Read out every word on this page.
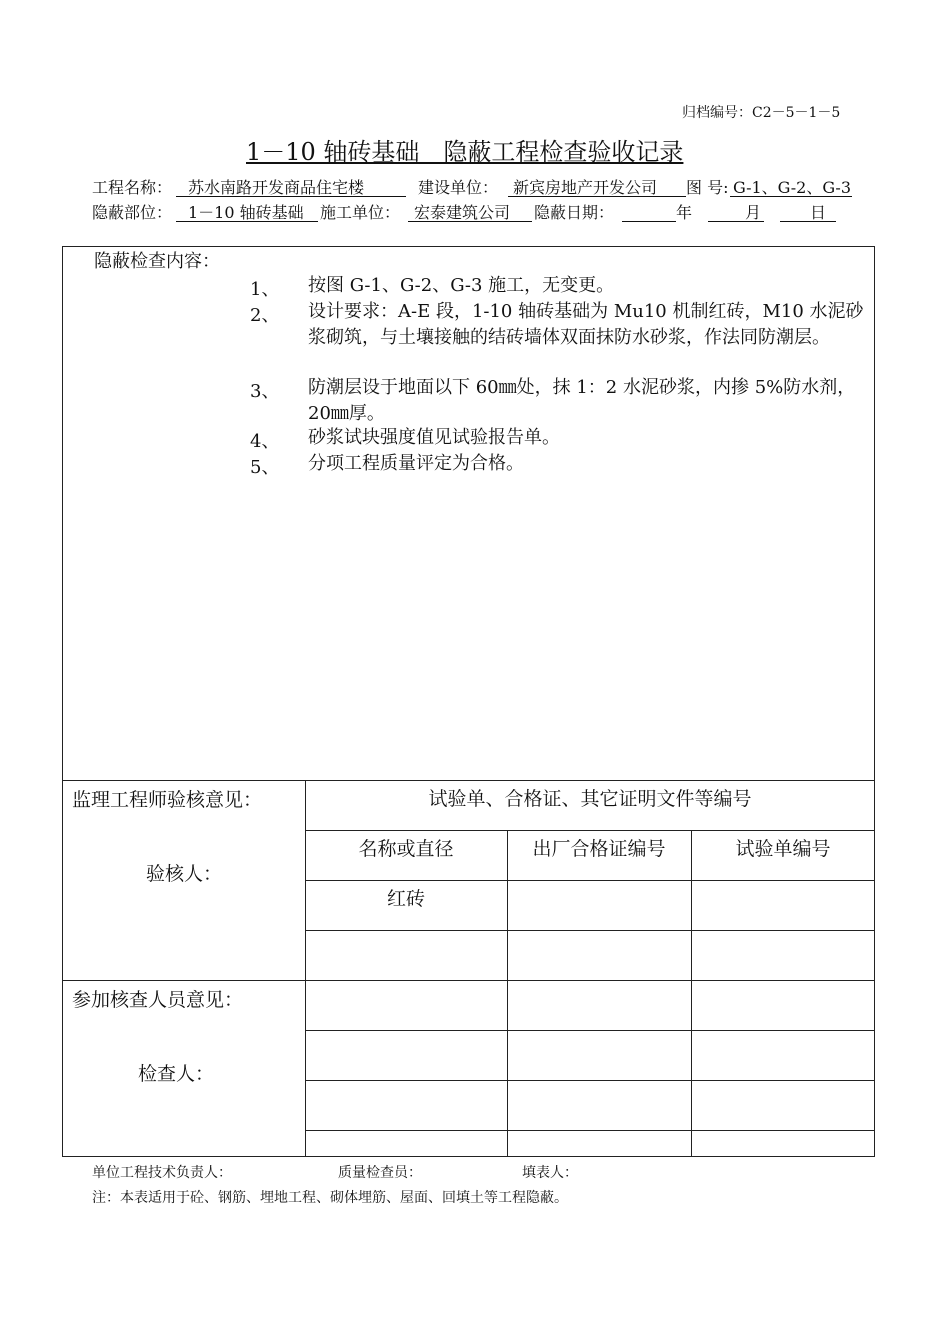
归档编号：C2－5－1－5
1－10 轴砖基础　隐蔽工程检查验收记录
工程名称： 苏水南路开发商品住宅楼	建设单位： 新宾房地产开发公司 图 号: G-1、G-2、G-3
隐蔽部位： 1－10 轴砖基础 施工单位： 宏泰建筑公司 隐蔽日期：	年	月	日
隐蔽检查内容：
1、 按图 G-1、G-2、G-3 施工，无变更。
2、 设计要求：A-E 段，1-10 轴砖基础为 Mu10 机制红砖，M10 水泥砂浆砌筑，与土壤接触的结砖墙体双面抹防水砂浆，作法同防潮层。
3、 防潮层设于地面以下 60㎜处，抹 1：2 水泥砂浆，内掺 5%防水剂，20㎜厚。
4、 砂浆试块强度值见试验报告单。
5、 分项工程质量评定为合格。
监理工程师验核意见：
验核人：
参加核查人员意见：
检查人：
试验单、合格证、其它证明文件等编号
名称或直径	出厂合格证编号	试验单编号
红砖
单位工程技术负责人：	质量检查员：	填表人：
注：本表适用于砼、钢筋、埋地工程、砌体埋筋、屋面、回填土等工程隐蔽。
